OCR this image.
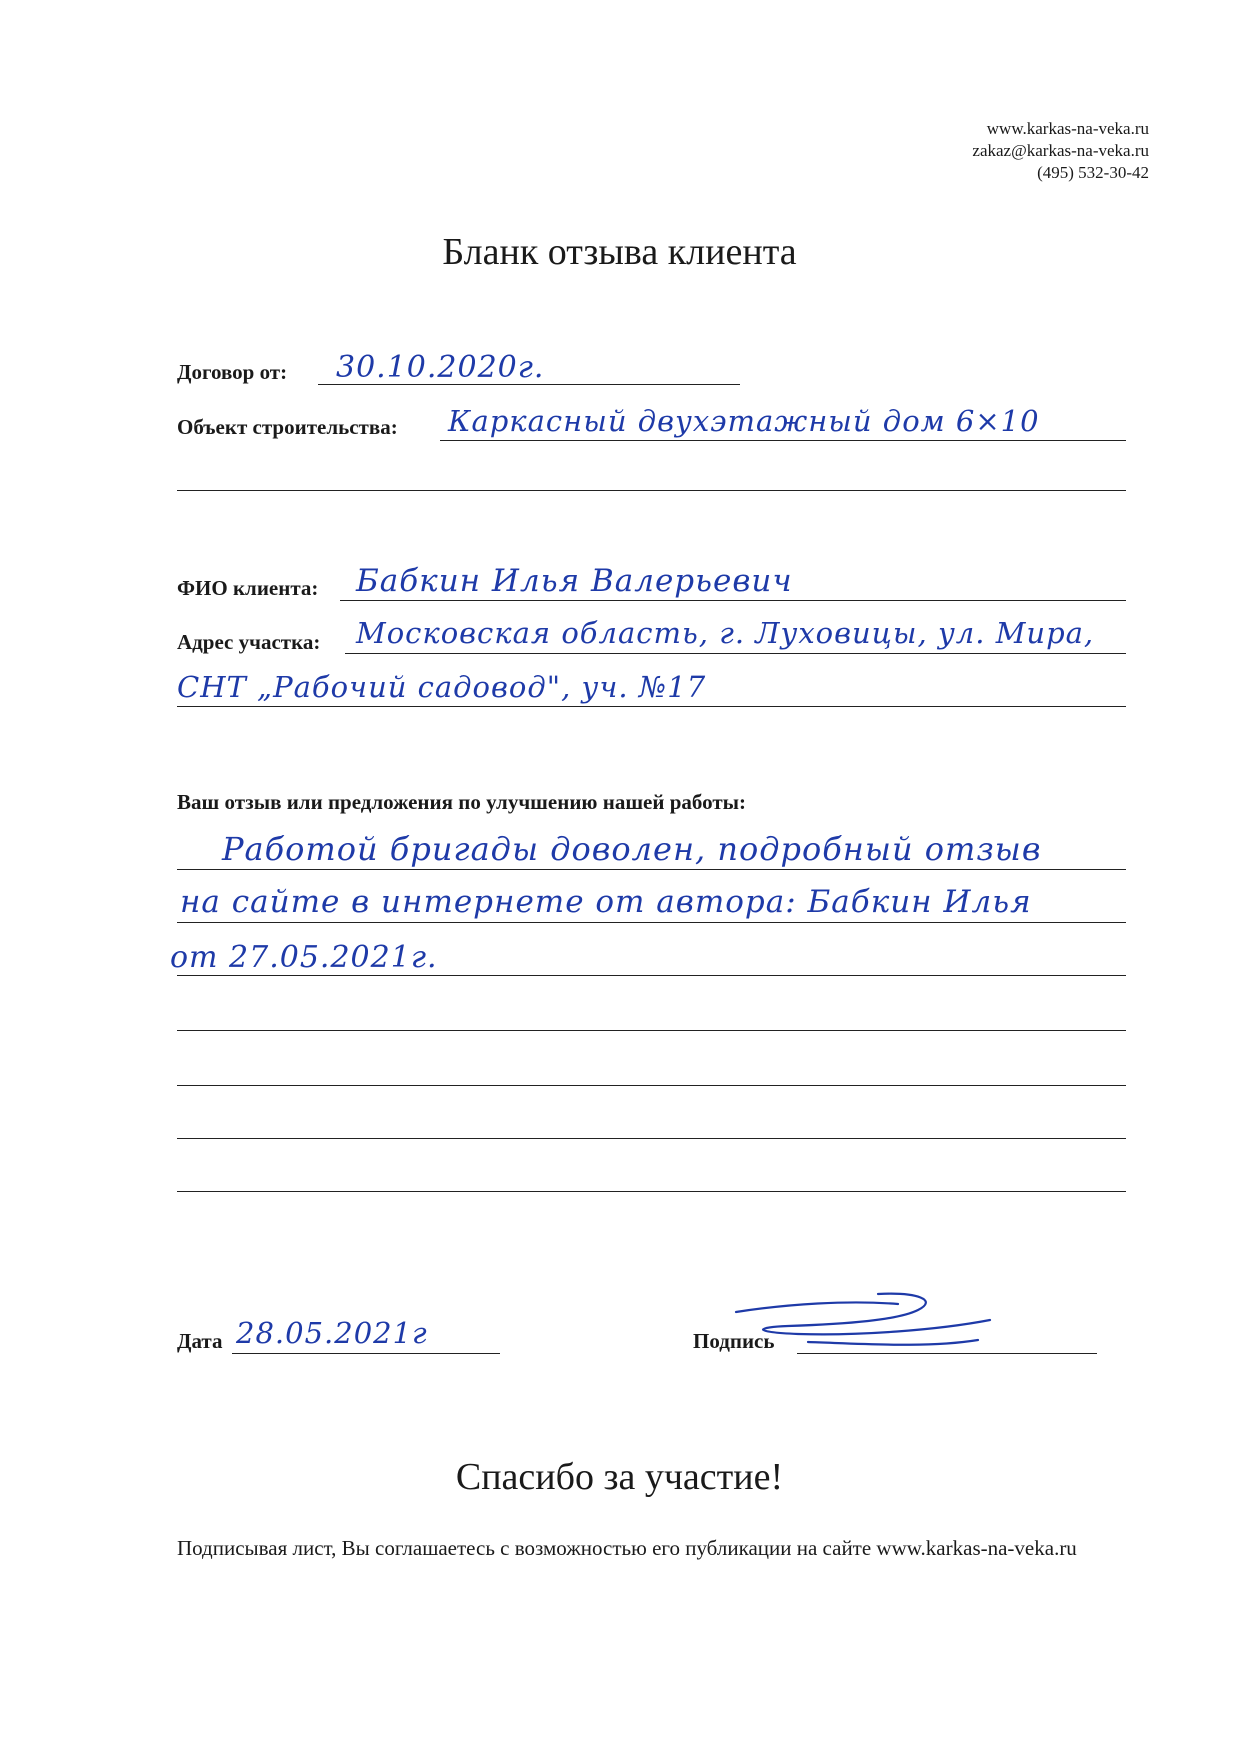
www.karkas-na-veka.ru
zakaz@karkas-na-veka.ru
(495) 532-30-42
Бланк отзыва клиента
Договор от: 30.10.2020г.
Объект строительства: Каркасный двухэтажный дом 6×10
ФИО клиента: Бабкин Илья Валерьевич
Адрес участка: Московская область, г. Луховицы, ул. Мира,
СНТ „Рабочий садовод", уч. №17
Ваш отзыв или предложения по улучшению нашей работы:
Работой бригады доволен, подробный отзыв
на сайте в интернете от автора: Бабкин Илья
от 27.05.2021г.
Дата 28.05.2021г	Подпись
Спасибо за участие!
Подписывая лист, Вы соглашаетесь с возможностью его публикации на сайте www.karkas-na-veka.ru
